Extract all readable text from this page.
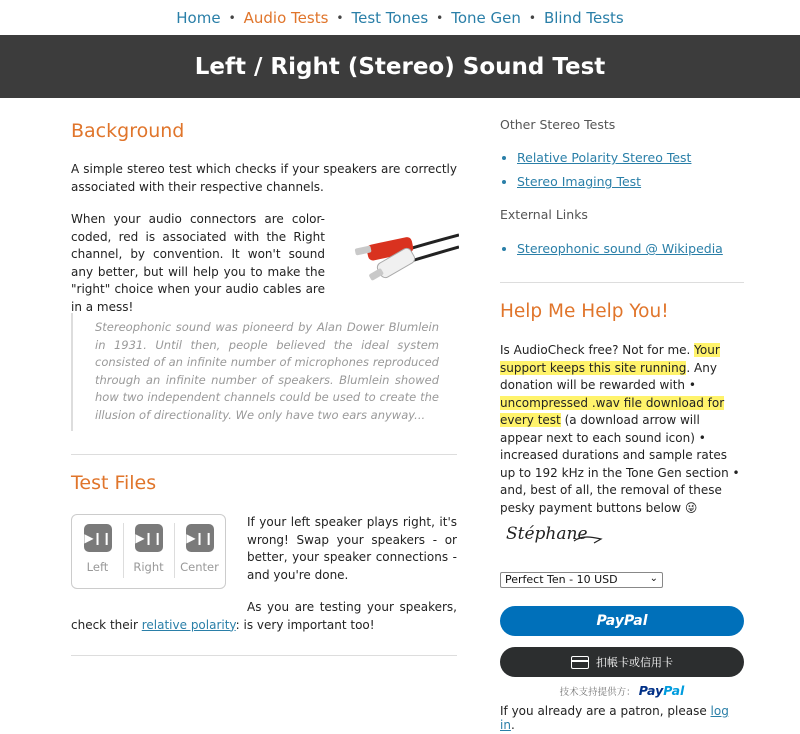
Home • Audio Tests • Test Tones • Tone Gen • Blind Tests
Left / Right (Stereo) Sound Test
Background

A simple stereo test which checks if your speakers are correctly associated with their respective channels.

When your audio connectors are color-coded, red is associated with the Right channel, by convention. It won't sound any better, but will help you to make the "right" choice when your audio cables are in a mess!

Stereophonic sound was pioneerd by Alan Dower Blumlein in 1931. Until then, people believed the ideal system consisted of an infinite number of microphones reproduced through an infinite number of speakers. Blumlein showed how two independent channels could be used to create the illusion of directionality. We only have two ears anyway...

Test Files
▶❙❙
Left
▶❙❙
Right
▶❙❙
Center

If your left speaker plays right, it's wrong! Swap your speakers - or better, your speaker connections - and you're done.

As you are testing your speakers, check their relative polarity: is very important too!

Other Stereo Tests

• Relative Polarity Stereo Test
• Stereo Imaging Test

External Links

• Stereophonic sound @ Wikipedia
Help Me Help You!

Is AudioCheck free? Not for me. Your support keeps this site running. Any donation will be rewarded with • uncompressed .wav file download for every test (a download arrow will appear next to each sound icon) • increased durations and sample rates up to 192 kHz in the Tone Gen section • and, best of all, the removal of these pesky payment buttons below 😜

Stéphane
Perfect Ten - 10 USD	⌄
PayPal
扣帳卡或信用卡
技术支持提供方： PayPal
If you already are a patron, please log in.
